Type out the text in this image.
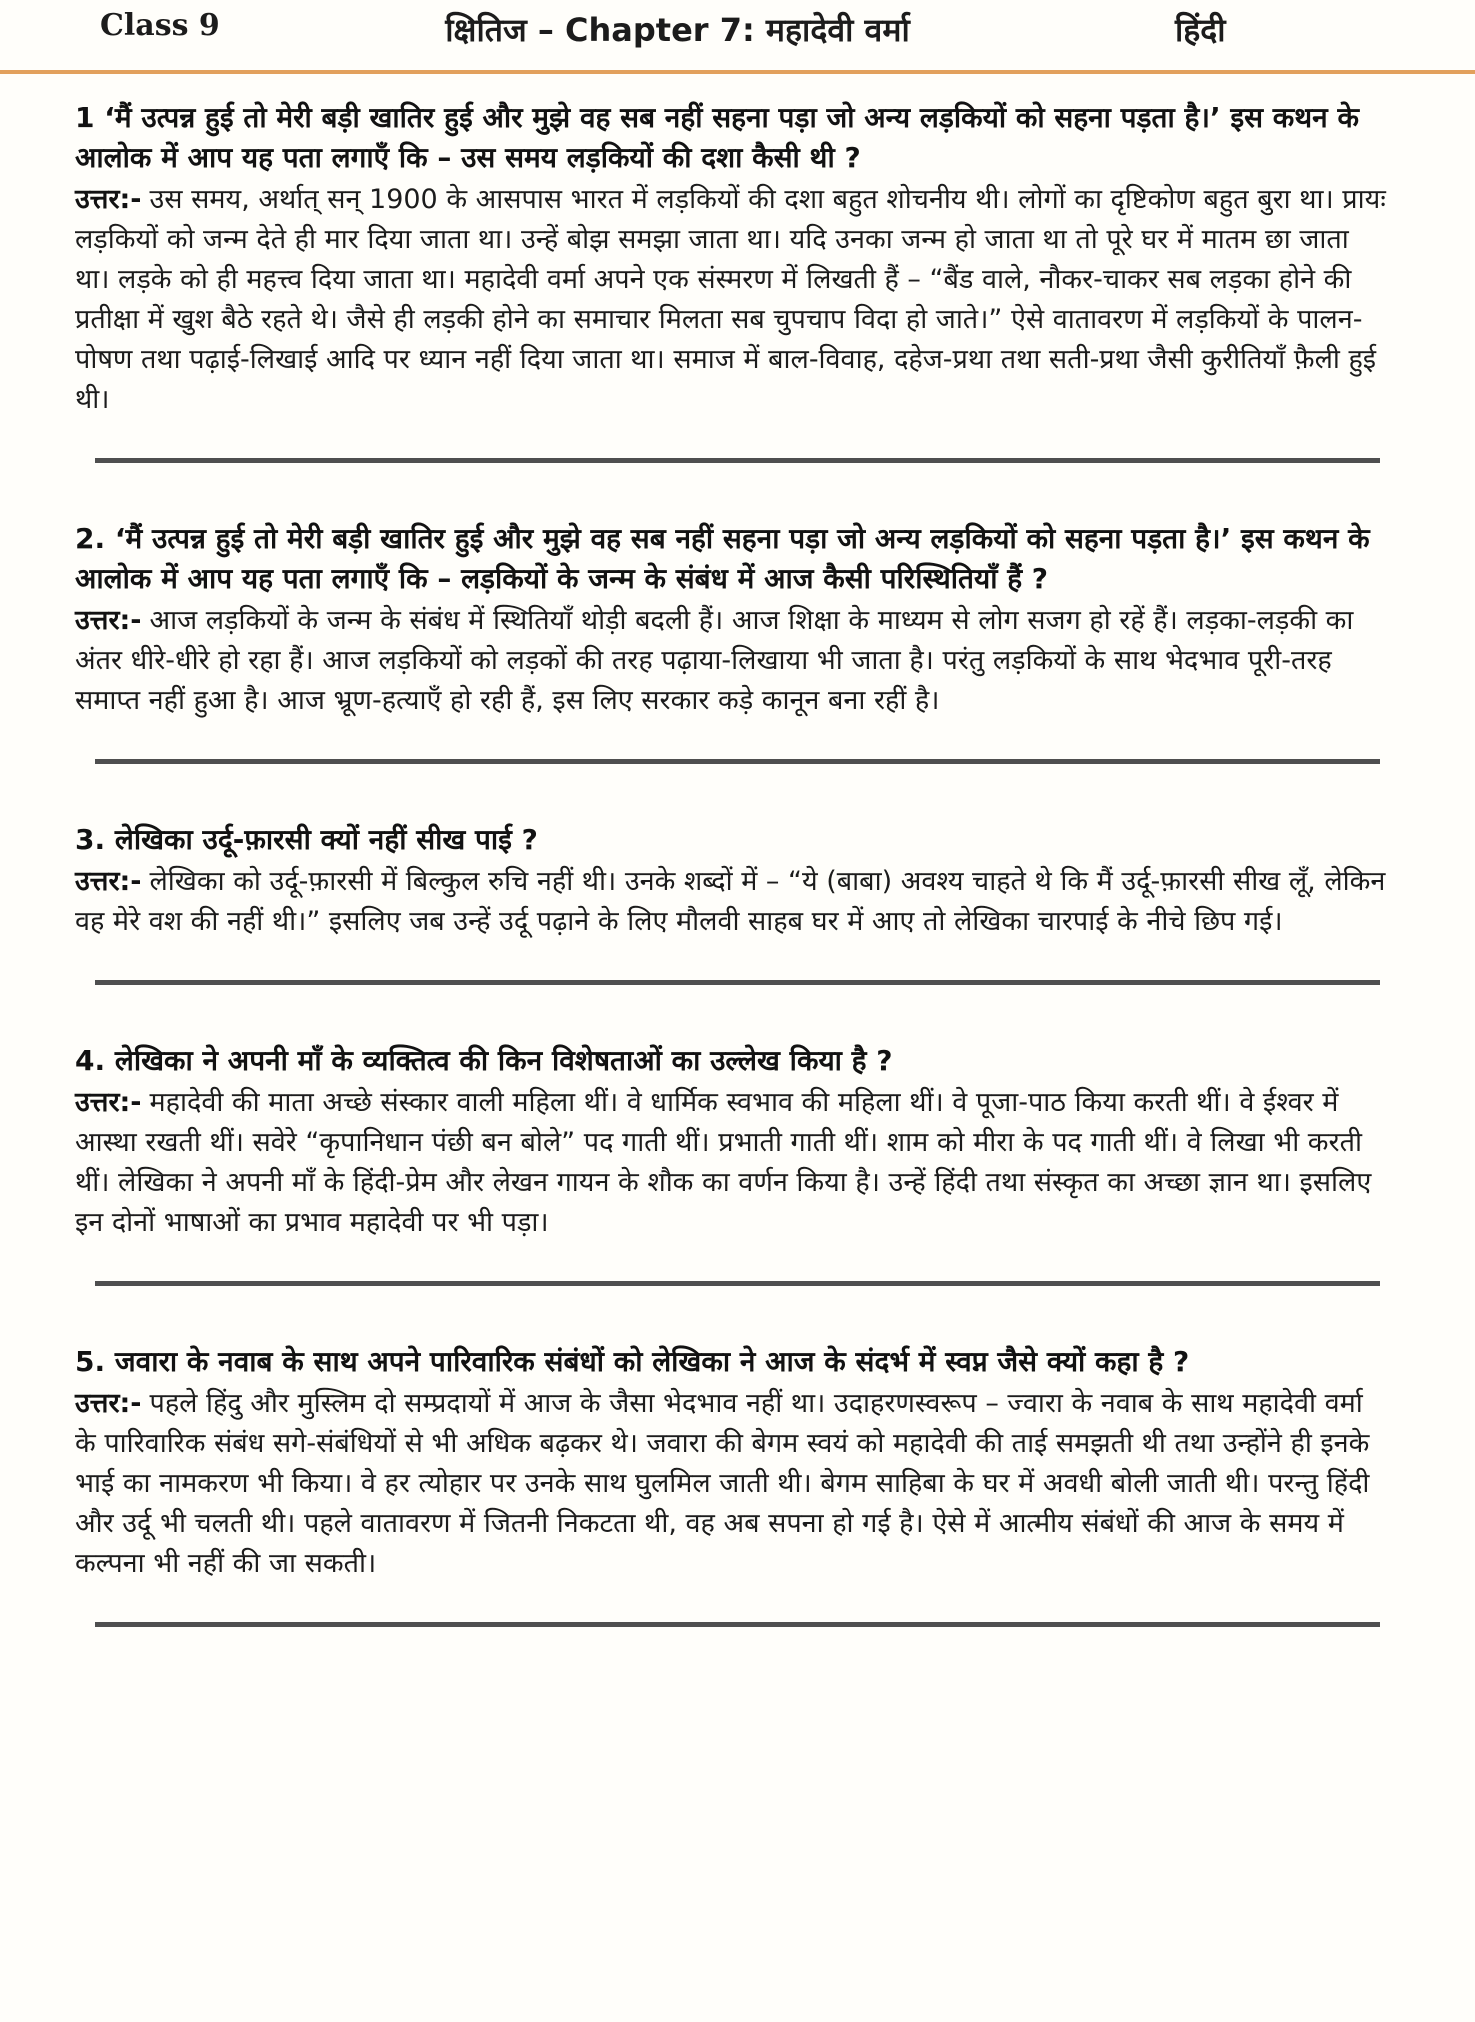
Class 9	क्षितिज – Chapter 7: महादेवी वर्मा	हिंदी

1 ‘मैं उत्पन्न हुई तो मेरी बड़ी खातिर हुई और मुझे वह सब नहीं सहना पड़ा जो अन्य लड़कियों को सहना पड़ता है।’ इस कथन के आलोक में आप यह पता लगाएँ कि – उस समय लड़कियों की दशा कैसी थी ?

उत्तर:- उस समय, अर्थात् सन् 1900 के आसपास भारत में लड़कियों की दशा बहुत शोचनीय थी। लोगों का दृष्टिकोण बहुत बुरा था। प्रायः लड़कियों को जन्म देते ही मार दिया जाता था। उन्हें बोझ समझा जाता था। यदि उनका जन्म हो जाता था तो पूरे घर में मातम छा जाता था। लड़के को ही महत्त्व दिया जाता था। महादेवी वर्मा अपने एक संस्मरण में लिखती हैं – “बैंड वाले, नौकर-चाकर सब लड़का होने की प्रतीक्षा में खुश बैठे रहते थे। जैसे ही लड़की होने का समाचार मिलता सब चुपचाप विदा हो जाते।” ऐसे वातावरण में लड़कियों के पालन-पोषण तथा पढ़ाई-लिखाई आदि पर ध्यान नहीं दिया जाता था। समाज में बाल-विवाह, दहेज-प्रथा तथा सती-प्रथा जैसी कुरीतियाँ फ़ैली हुई थी।

2. ‘मैं उत्पन्न हुई तो मेरी बड़ी खातिर हुई और मुझे वह सब नहीं सहना पड़ा जो अन्य लड़कियों को सहना पड़ता है।’ इस कथन के आलोक में आप यह पता लगाएँ कि – लड़कियों के जन्म के संबंध में आज कैसी परिस्थितियाँ हैं ?

उत्तर:- आज लड़कियों के जन्म के संबंध में स्थितियाँ थोड़ी बदली हैं। आज शिक्षा के माध्यम से लोग सजग हो रहें हैं। लड़का-लड़की का अंतर धीरे-धीरे हो रहा हैं। आज लड़कियों को लड़कों की तरह पढ़ाया-लिखाया भी जाता है। परंतु लड़कियों के साथ भेदभाव पूरी-तरह समाप्त नहीं हुआ है। आज भ्रूण-हत्याएँ हो रही हैं, इस लिए सरकार कड़े कानून बना रहीं है।

3. लेखिका उर्दू-फ़ारसी क्यों नहीं सीख पाई ?

उत्तर:- लेखिका को उर्दू-फ़ारसी में बिल्कुल रुचि नहीं थी। उनके शब्दों में – “ये (बाबा) अवश्य चाहते थे कि मैं उर्दू-फ़ारसी सीख लूँ, लेकिन वह मेरे वश की नहीं थी।” इसलिए जब उन्हें उर्दू पढ़ाने के लिए मौलवी साहब घर में आए तो लेखिका चारपाई के नीचे छिप गई।

4. लेखिका ने अपनी माँ के व्यक्तित्व की किन विशेषताओं का उल्लेख किया है ?

उत्तर:- महादेवी की माता अच्छे संस्कार वाली महिला थीं। वे धार्मिक स्वभाव की महिला थीं। वे पूजा-पाठ किया करती थीं। वे ईश्वर में आस्था रखती थीं। सवेरे “कृपानिधान पंछी बन बोले” पद गाती थीं। प्रभाती गाती थीं। शाम को मीरा के पद गाती थीं। वे लिखा भी करती थीं। लेखिका ने अपनी माँ के हिंदी-प्रेम और लेखन गायन के शौक का वर्णन किया है। उन्हें हिंदी तथा संस्कृत का अच्छा ज्ञान था। इसलिए इन दोनों भाषाओं का प्रभाव महादेवी पर भी पड़ा।

5. जवारा के नवाब के साथ अपने पारिवारिक संबंधों को लेखिका ने आज के संदर्भ में स्वप्न जैसे क्यों कहा है ?

उत्तर:- पहले हिंदु और मुस्लिम दो सम्प्रदायों में आज के जैसा भेदभाव नहीं था। उदाहरणस्वरूप – ज्वारा के नवाब के साथ महादेवी वर्मा के पारिवारिक संबंध सगे-संबंधियों से भी अधिक बढ़कर थे। जवारा की बेगम स्वयं को महादेवी की ताई समझती थी तथा उन्होंने ही इनके भाई का नामकरण भी किया। वे हर त्योहार पर उनके साथ घुलमिल जाती थी। बेगम साहिबा के घर में अवधी बोली जाती थी। परन्तु हिंदी और उर्दू भी चलती थी। पहले वातावरण में जितनी निकटता थी, वह अब सपना हो गई है। ऐसे में आत्मीय संबंधों की आज के समय में कल्पना भी नहीं की जा सकती।
